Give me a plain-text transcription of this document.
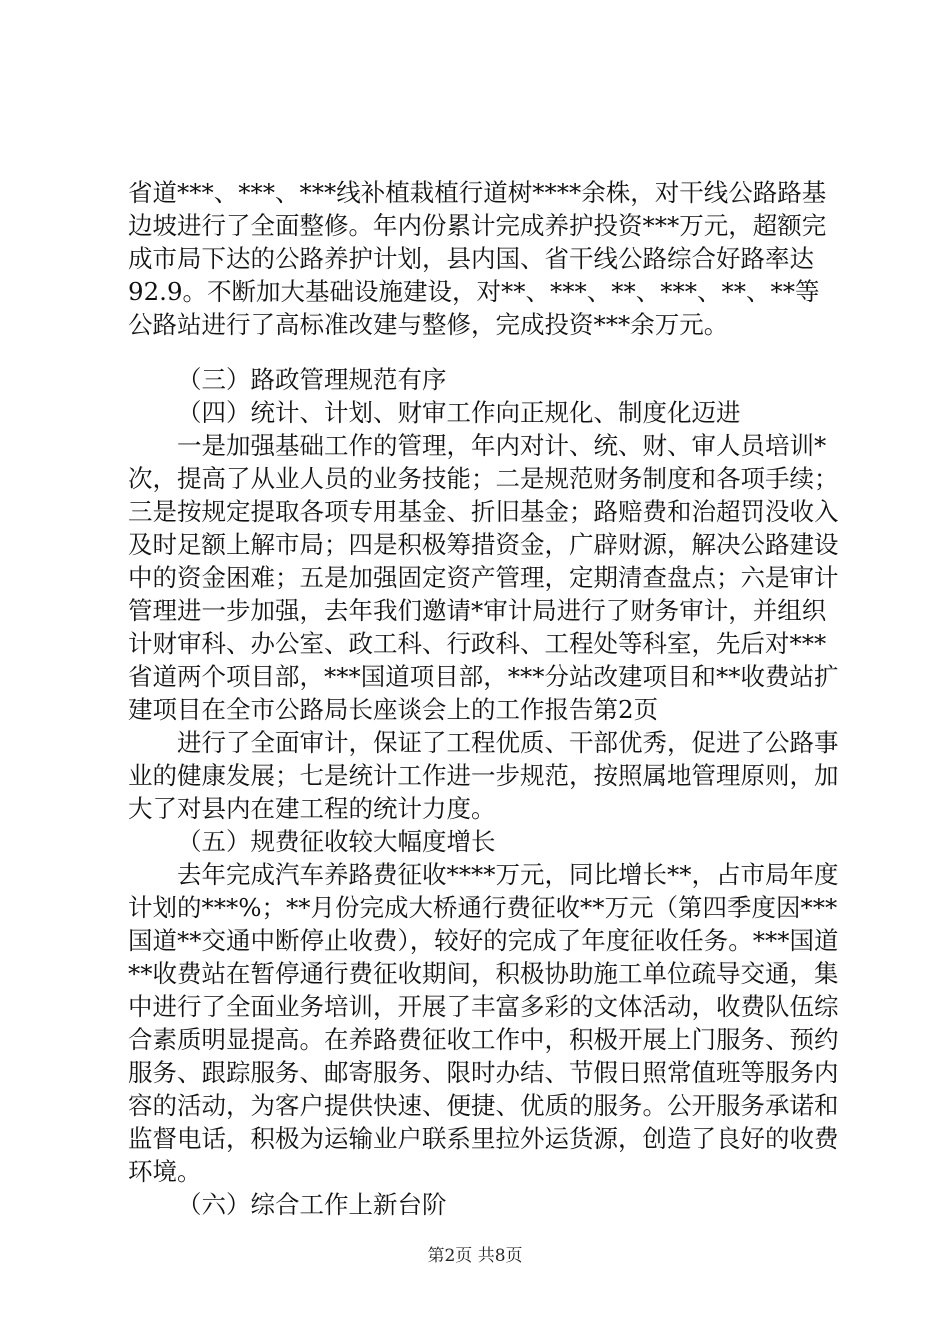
省道***、***、***线补植栽植行道树****余株，对干线公路路基边坡进行了全面整修。年内份累计完成养护投资***万元，超额完成市局下达的公路养护计划，县内国、省干线公路综合好路率达92.9。不断加大基础设施建设，对**、***、**、***、**、**等公路站进行了高标准改建与整修，完成投资***余万元。

（三）路政管理规范有序

（四）统计、计划、财审工作向正规化、制度化迈进

一是加强基础工作的管理，年内对计、统、财、审人员培训*次，提高了从业人员的业务技能；二是规范财务制度和各项手续；三是按规定提取各项专用基金、折旧基金；路赔费和治超罚没收入及时足额上解市局；四是积极筹措资金，广辟财源，解决公路建设中的资金困难；五是加强固定资产管理，定期清查盘点；六是审计管理进一步加强，去年我们邀请*审计局进行了财务审计，并组织计财审科、办公室、政工科、行政科、工程处等科室，先后对***省道两个项目部，***国道项目部，***分站改建项目和**收费站扩建项目在全市公路局长座谈会上的工作报告第2页

进行了全面审计，保证了工程优质、干部优秀，促进了公路事业的健康发展；七是统计工作进一步规范，按照属地管理原则，加大了对县内在建工程的统计力度。

（五）规费征收较大幅度增长

去年完成汽车养路费征收****万元，同比增长**，占市局年度计划的***%；**月份完成大桥通行费征收**万元（第四季度因***国道**交通中断停止收费），较好的完成了年度征收任务。***国道**收费站在暂停通行费征收期间，积极协助施工单位疏导交通，集中进行了全面业务培训，开展了丰富多彩的文体活动，收费队伍综合素质明显提高。在养路费征收工作中，积极开展上门服务、预约服务、跟踪服务、邮寄服务、限时办结、节假日照常值班等服务内容的活动，为客户提供快速、便捷、优质的服务。公开服务承诺和监督电话，积极为运输业户联系里拉外运货源，创造了良好的收费环境。

（六）综合工作上新台阶

第2页 共8页
